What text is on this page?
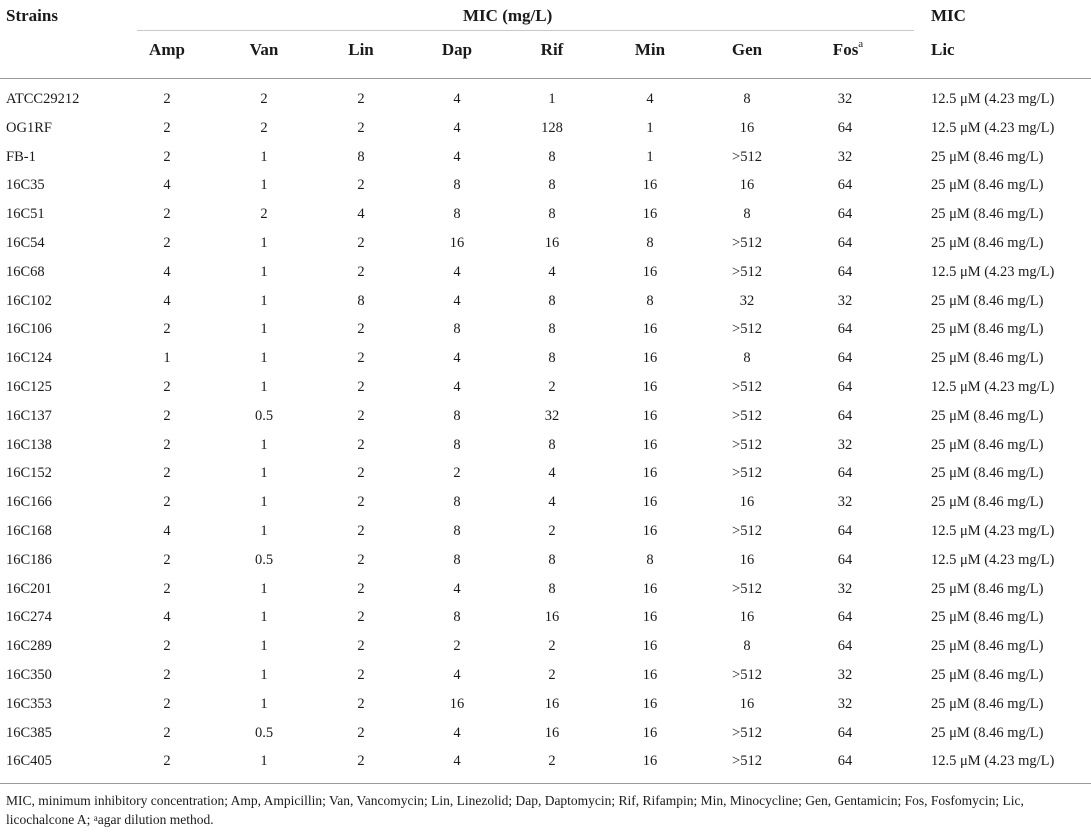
Strains	MIC (mg/L)	MIC
Amp	Van	Lin	Dap	Rif	Min	Gen	Fos$^a$	Lic
ATCC29212	2	2	2	4	1	4	8	32	12.5 μM (4.23 mg/L)
OG1RF	2	2	2	4	128	1	16	64	12.5 μM (4.23 mg/L)
FB-1	2	1	8	4	8	1	>512	32	25 μM (8.46 mg/L)
16C35	4	1	2	8	8	16	16	64	25 μM (8.46 mg/L)
16C51	2	2	4	8	8	16	8	64	25 μM (8.46 mg/L)
16C54	2	1	2	16	16	8	>512	64	25 μM (8.46 mg/L)
16C68	4	1	2	4	4	16	>512	64	12.5 μM (4.23 mg/L)
16C102	4	1	8	4	8	8	32	32	25 μM (8.46 mg/L)
16C106	2	1	2	8	8	16	>512	64	25 μM (8.46 mg/L)
16C124	1	1	2	4	8	16	8	64	25 μM (8.46 mg/L)
16C125	2	1	2	4	2	16	>512	64	12.5 μM (4.23 mg/L)
16C137	2	0.5	2	8	32	16	>512	64	25 μM (8.46 mg/L)
16C138	2	1	2	8	8	16	>512	32	25 μM (8.46 mg/L)
16C152	2	1	2	2	4	16	>512	64	25 μM (8.46 mg/L)
16C166	2	1	2	8	4	16	16	32	25 μM (8.46 mg/L)
16C168	4	1	2	8	2	16	>512	64	12.5 μM (4.23 mg/L)
16C186	2	0.5	2	8	8	8	16	64	12.5 μM (4.23 mg/L)
16C201	2	1	2	4	8	16	>512	32	25 μM (8.46 mg/L)
16C274	4	1	2	8	16	16	16	64	25 μM (8.46 mg/L)
16C289	2	1	2	2	2	16	8	64	25 μM (8.46 mg/L)
16C350	2	1	2	4	2	16	>512	32	25 μM (8.46 mg/L)
16C353	2	1	2	16	16	16	16	32	25 μM (8.46 mg/L)
16C385	2	0.5	2	4	16	16	>512	64	25 μM (8.46 mg/L)
16C405	2	1	2	4	2	16	>512	64	12.5 μM (4.23 mg/L)
MIC, minimum inhibitory concentration; Amp, Ampicillin; Van, Vancomycin; Lin, Linezolid; Dap, Daptomycin; Rif, Rifampin; Min, Minocycline; Gen, Gentamicin; Fos, Fosfomycin; Lic,
licochalcone A; $^a$agar dilution method.
